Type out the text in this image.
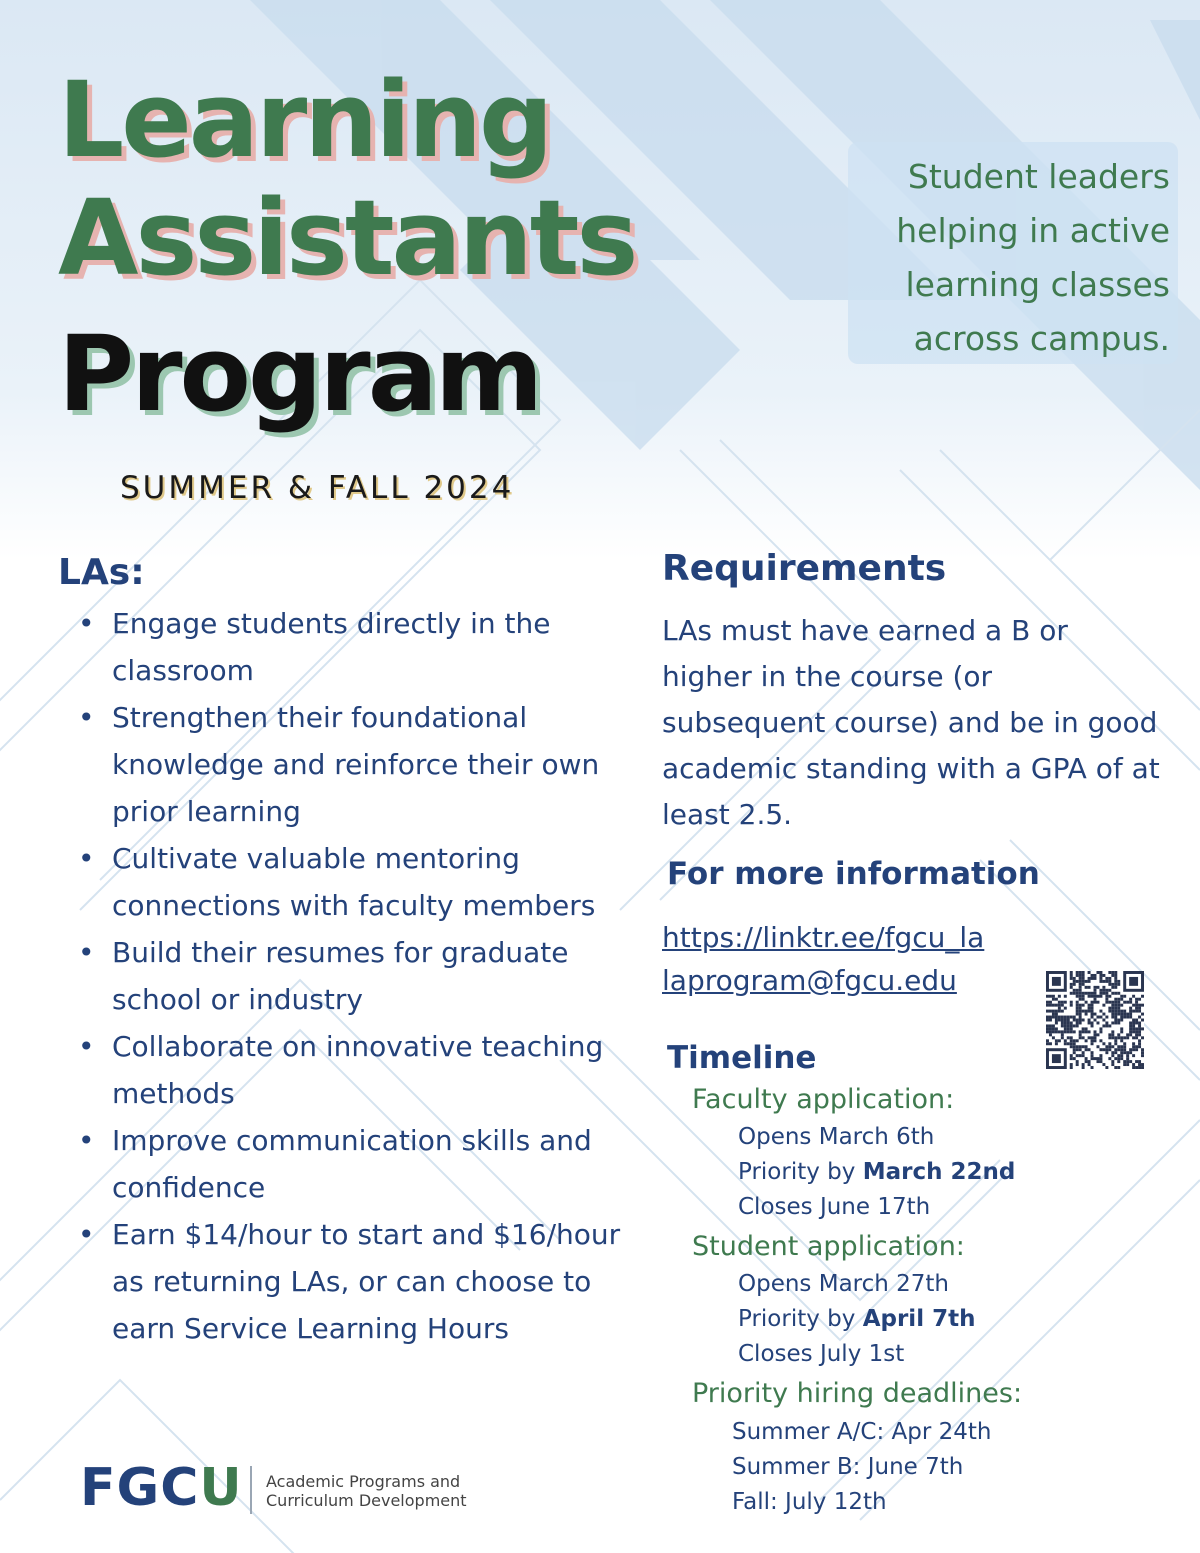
Learning
Assistants
Program
SUMMER & FALL 2024
Student leaders
helping in active
learning classes
across campus.
LAs:
• Engage students directly in the classroom
• Strengthen their foundational knowledge and reinforce their own prior learning
• Cultivate valuable mentoring connections with faculty members
• Build their resumes for graduate school or industry
• Collaborate on innovative teaching methods
• Improve communication skills and confidence
• Earn $14/hour to start and $16/hour as returning LAs, or can choose to earn Service Learning Hours
Requirements

LAs must have earned a B or higher in the course (or subsequent course) and be in good academic standing with a GPA of at least 2.5.

For more information
https://linktr.ee/fgcu_la
laprogram@fgcu.edu
Timeline
Faculty application:
Opens March 6th
Priority by March 22nd
Closes June 17th
Student application:
Opens March 27th
Priority by April 7th
Closes July 1st
Priority hiring deadlines:
Summer A/C: Apr 24th
Summer B: June 7th
Fall: July 12th
FGCU Academic Programs and
Curriculum Development
